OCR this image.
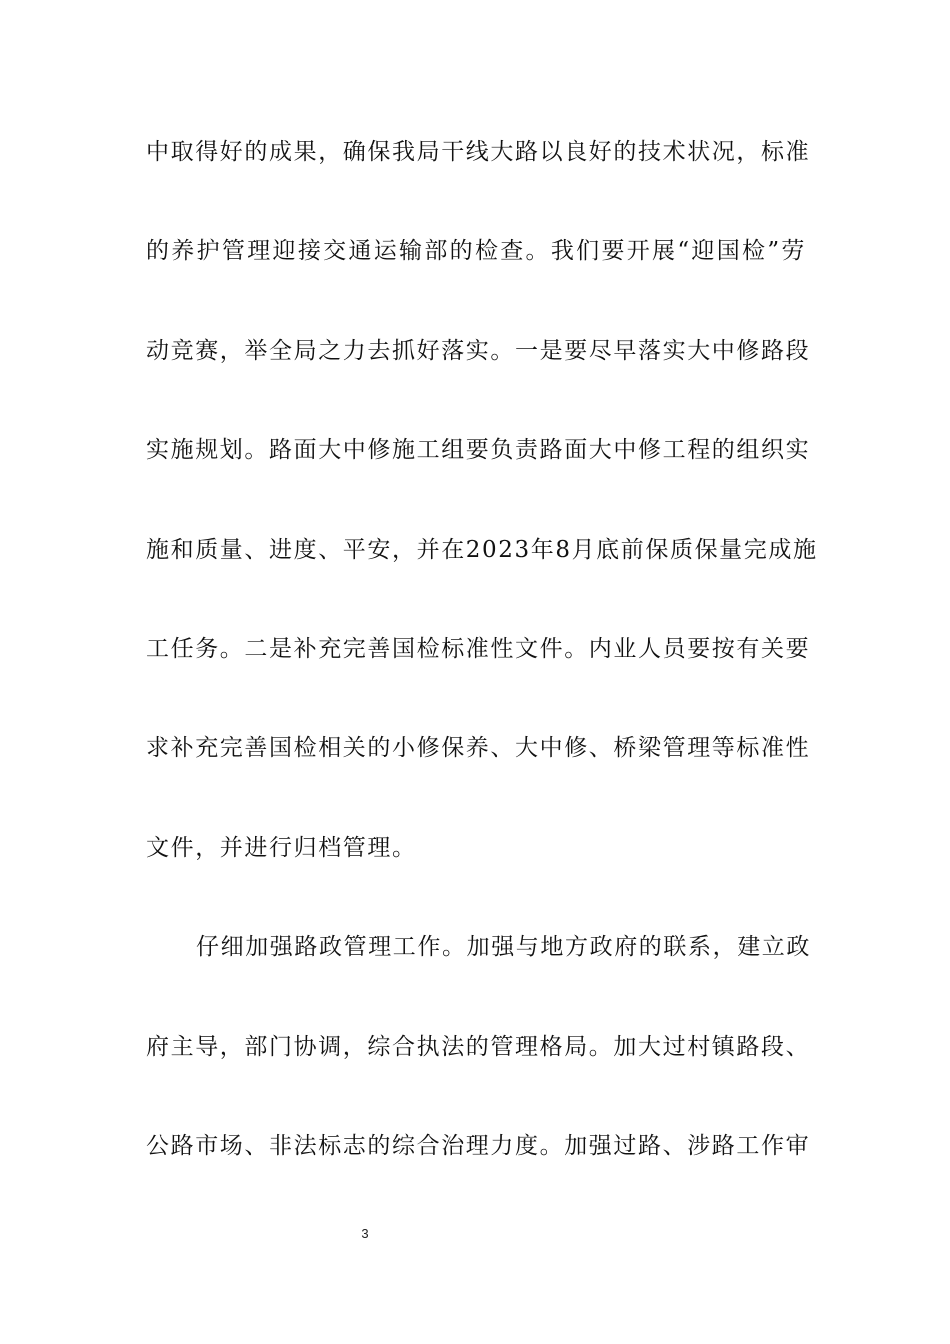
中取得好的成果，确保我局干线大路以良好的技术状况，标准
的养护管理迎接交通运输部的检查。我们要开展“迎国检”劳
动竞赛，举全局之力去抓好落实。一是要尽早落实大中修路段
实施规划。路面大中修施工组要负责路面大中修工程的组织实
施和质量、进度、平安，并在2023年8月底前保质保量完成施
工任务。二是补充完善国检标准性文件。内业人员要按有关要
求补充完善国检相关的小修保养、大中修、桥梁管理等标准性
文件，并进行归档管理。
仔细加强路政管理工作。加强与地方政府的联系，建立政
府主导，部门协调，综合执法的管理格局。加大过村镇路段、
公路市场、非法标志的综合治理力度。加强过路、涉路工作审
3
